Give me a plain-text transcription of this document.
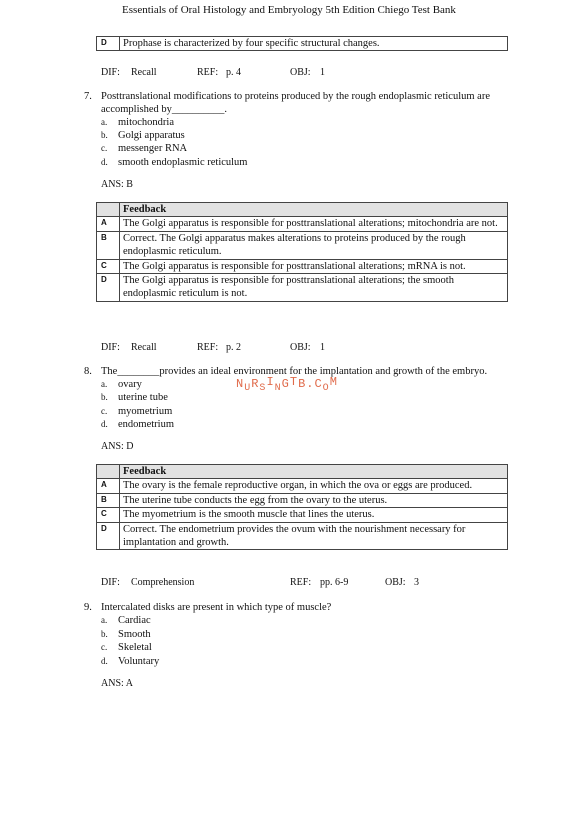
Essentials of Oral Histology and Embryology 5th Edition Chiego Test Bank
D	Prophase is characterized by four specific structural changes.
DIF: Recall	REF: p. 4	OBJ: 1
7. Posttranslational modifications to proteins produced by the rough endoplasmic reticulum are accomplished by__________.
a. mitochondria
b. Golgi apparatus
c. messenger RNA
d. smooth endoplasmic reticulum
ANS: B
	Feedback
A	The Golgi apparatus is responsible for posttranslational alterations; mitochondria are not.
B	Correct. The Golgi apparatus makes alterations to proteins produced by the rough endoplasmic reticulum.
C	The Golgi apparatus is responsible for posttranslational alterations; mRNA is not.
D	The Golgi apparatus is responsible for posttranslational alterations; the smooth endoplasmic reticulum is not.
DIF: Recall	REF: p. 2	OBJ: 1
8. The________provides an ideal environment for the implantation and growth of the embryo.
$N_UR_SI_NGTB.C_OM$
a. ovary
b. uterine tube
c. myometrium
d. endometrium
ANS: D
	Feedback
A	The ovary is the female reproductive organ, in which the ova or eggs are produced.
B	The uterine tube conducts the egg from the ovary to the uterus.
C	The myometrium is the smooth muscle that lines the uterus.
D	Correct. The endometrium provides the ovum with the nourishment necessary for implantation and growth.
DIF: Comprehension	REF: pp. 6-9	OBJ: 3
9. Intercalated disks are present in which type of muscle?
a. Cardiac
b. Smooth
c. Skeletal
d. Voluntary
ANS: A
